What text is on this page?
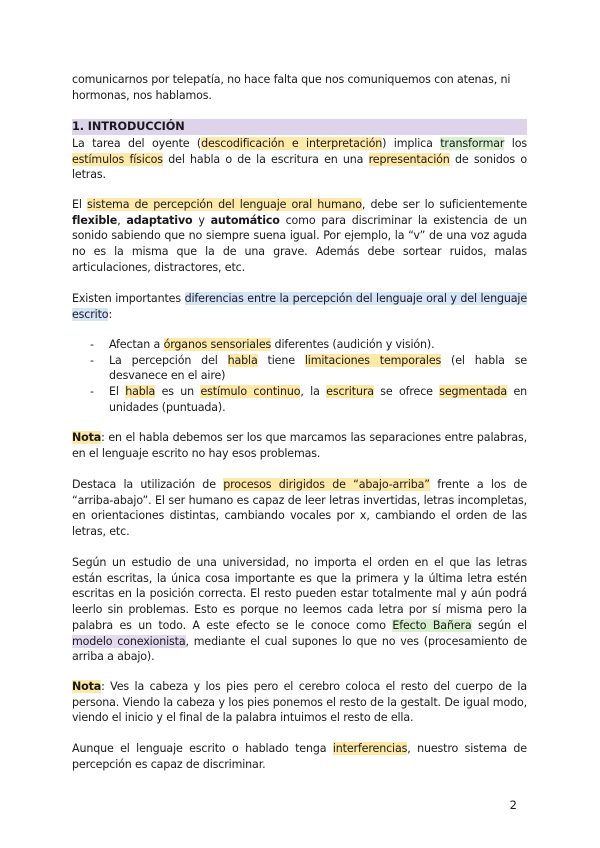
comunicarnos por telepatía, no hace falta que nos comuniquemos con atenas, ni hormonas, nos hablamos.
1. INTRODUCCIÓN
La tarea del oyente (descodificación e interpretación) implica transformar los estímulos físicos del habla o de la escritura en una representación de sonidos o letras.
El sistema de percepción del lenguaje oral humano, debe ser lo suficientemente flexible, adaptativo y automático como para discriminar la existencia de un sonido sabiendo que no siempre suena igual. Por ejemplo, la “v” de una voz aguda no es la misma que la de una grave. Además debe sortear ruidos, malas articulaciones, distractores, etc.
Existen importantes diferencias entre la percepción del lenguaje oral y del lenguaje escrito:
- Afectan a órganos sensoriales diferentes (audición y visión).
- La percepción del habla tiene limitaciones temporales (el habla se desvanece en el aire)
- El habla es un estímulo continuo, la escritura se ofrece segmentada en unidades (puntuada).
Nota: en el habla debemos ser los que marcamos las separaciones entre palabras, en el lenguaje escrito no hay esos problemas.
Destaca la utilización de procesos dirigidos de “abajo-arriba” frente a los de “arriba-abajo”. El ser humano es capaz de leer letras invertidas, letras incompletas, en orientaciones distintas, cambiando vocales por x, cambiando el orden de las letras, etc.
Según un estudio de una universidad, no importa el orden en el que las letras están escritas, la única cosa importante es que la primera y la última letra estén escritas en la posición correcta. El resto pueden estar totalmente mal y aún podrá leerlo sin problemas. Esto es porque no leemos cada letra por sí misma pero la palabra es un todo. A este efecto se le conoce como Efecto Bañera según el modelo conexionista, mediante el cual supones lo que no ves (procesamiento de arriba a abajo).
Nota: Ves la cabeza y los pies pero el cerebro coloca el resto del cuerpo de la persona. Viendo la cabeza y los pies ponemos el resto de la gestalt. De igual modo, viendo el inicio y el final de la palabra intuimos el resto de ella.
Aunque el lenguaje escrito o hablado tenga interferencias, nuestro sistema de percepción es capaz de discriminar.
2
